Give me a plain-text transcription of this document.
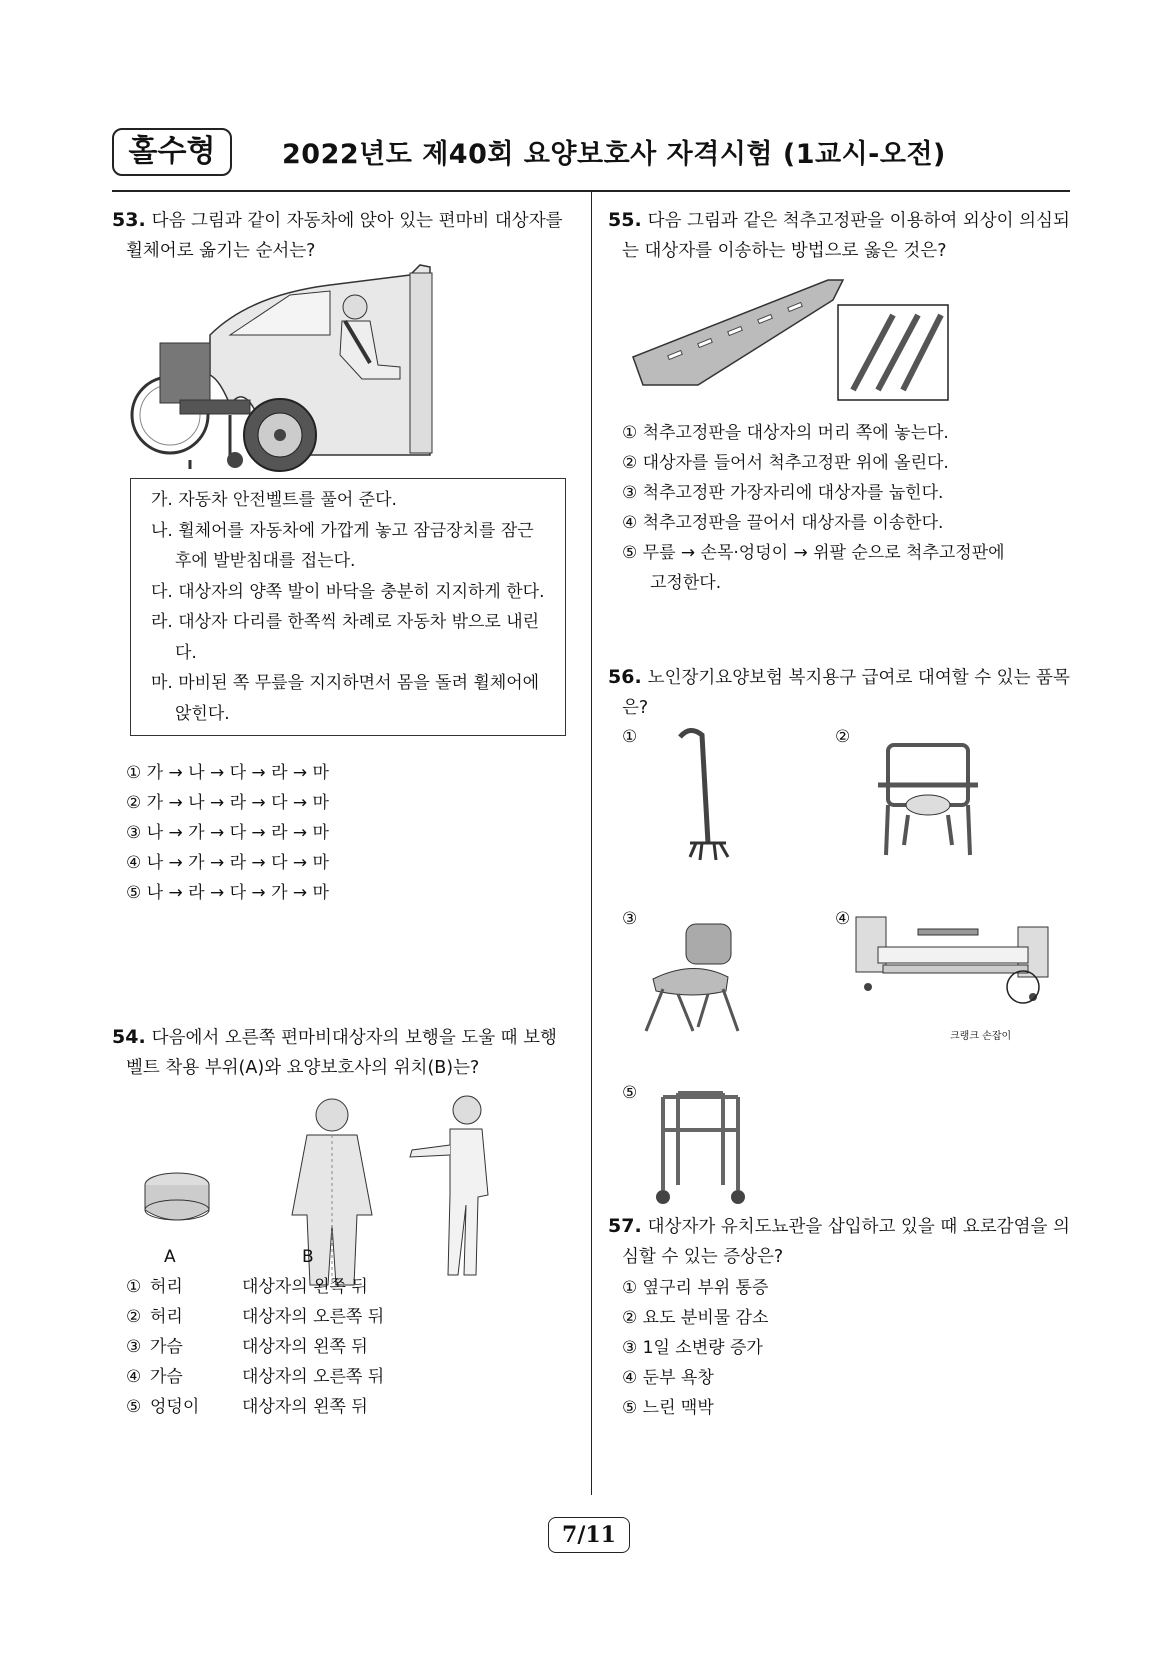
홀수형	2022년도 제40회 요양보호사 자격시험 (1교시-오전)
53. 다음 그림과 같이 자동차에 앉아 있는 편마비 대상자를 휠체어로 옮기는 순서는?
가. 자동차 안전벨트를 풀어 준다.
나. 휠체어를 자동차에 가깝게 놓고 잠금장치를 잠근 후에 발받침대를 접는다.
다. 대상자의 양쪽 발이 바닥을 충분히 지지하게 한다.
라. 대상자 다리를 한쪽씩 차례로 자동차 밖으로 내린다.
마. 마비된 쪽 무릎을 지지하면서 몸을 돌려 휠체어에 앉힌다.
① 가 → 나 → 다 → 라 → 마
② 가 → 나 → 라 → 다 → 마
③ 나 → 가 → 다 → 라 → 마
④ 나 → 가 → 라 → 다 → 마
⑤ 나 → 라 → 다 → 가 → 마
54. 다음에서 오른쪽 편마비대상자의 보행을 도울 때 보행벨트 착용 부위(A)와 요양보호사의 위치(B)는?
A	B
① 허리	대상자의 왼쪽 뒤
② 허리	대상자의 오른쪽 뒤
③ 가슴	대상자의 왼쪽 뒤
④ 가슴	대상자의 오른쪽 뒤
⑤ 엉덩이	대상자의 왼쪽 뒤
55. 다음 그림과 같은 척추고정판을 이용하여 외상이 의심되는 대상자를 이송하는 방법으로 옳은 것은?
① 척추고정판을 대상자의 머리 쪽에 놓는다.
② 대상자를 들어서 척추고정판 위에 올린다.
③ 척추고정판 가장자리에 대상자를 눕힌다.
④ 척추고정판을 끌어서 대상자를 이송한다.
⑤ 무릎 → 손목·엉덩이 → 위팔 순으로 척추고정판에
고정한다.
56. 노인장기요양보험 복지용구 급여로 대여할 수 있는 품목은?
①	②
③	④
크랭크 손잡이
⑤
57. 대상자가 유치도뇨관을 삽입하고 있을 때 요로감염을 의심할 수 있는 증상은?
① 옆구리 부위 통증
② 요도 분비물 감소
③ 1일 소변량 증가
④ 둔부 욕창
⑤ 느린 맥박
7/11
